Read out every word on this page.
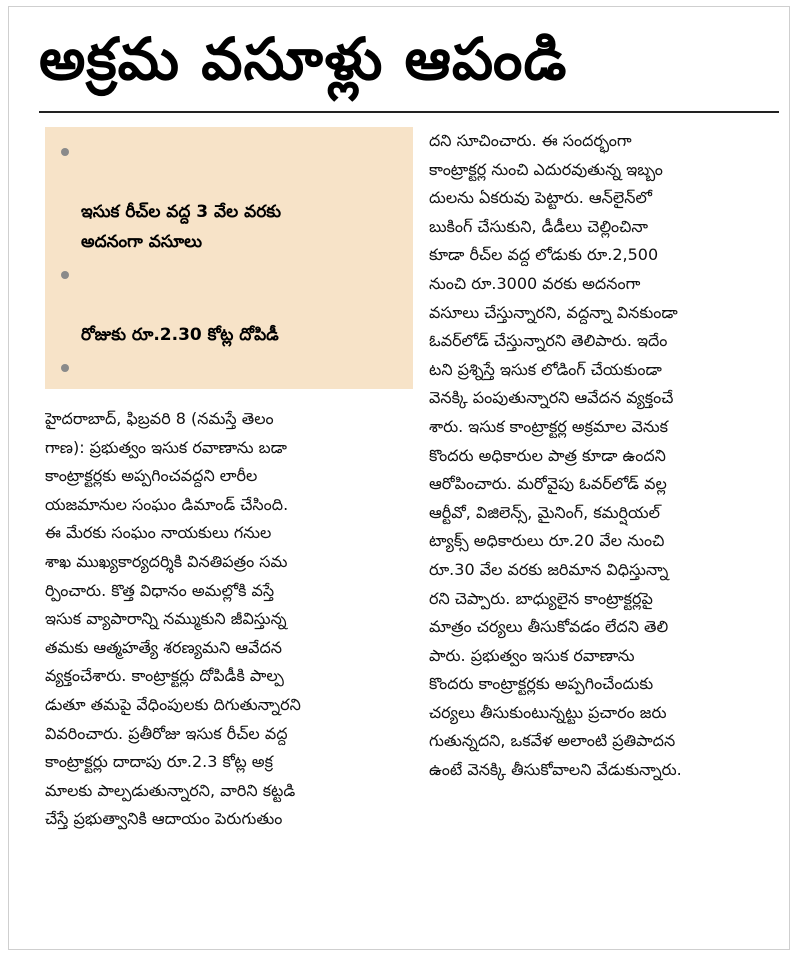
అక్రమ వసూళ్లు ఆపండి

ఇసుక రీచ్‌ల వద్ద 3 వేల వరకు
అదనంగా వసూలు

రోజుకు రూ.2.30 కోట్ల దోపిడీ

హైదరాబాద్, ఫిబ్రవరి 8 (నమస్తే తెలం
గాణ): ప్రభుత్వం ఇసుక రవాణాను బడా
కాంట్రాక్టర్లకు అప్పగించవద్దని లారీల
యజమానుల సంఘం డిమాండ్ చేసింది.
ఈ మేరకు సంఘం నాయకులు గనుల
శాఖ ముఖ్యకార్యదర్శికి వినతిపత్రం సమ
ర్పించారు. కొత్త విధానం అమల్లోకి వస్తే
ఇసుక వ్యాపారాన్ని నమ్ముకుని జీవిస్తున్న
తమకు ఆత్మహత్యే శరణ్యమని ఆవేదన
వ్యక్తంచేశారు. కాంట్రాక్టర్లు దోపిడీకి పాల్ప
డుతూ తమపై వేధింపులకు దిగుతున్నారని
వివరించారు. ప్రతీరోజు ఇసుక రీచ్‌ల వద్ద
కాంట్రాక్టర్లు దాదాపు రూ.2.3 కోట్ల అక్ర
మాలకు పాల్పడుతున్నారని, వారిని కట్టడి
చేస్తే ప్రభుత్వానికి ఆదాయం పెరుగుతుం

దని సూచించారు. ఈ సందర్భంగా
కాంట్రాక్టర్ల నుంచి ఎదురవుతున్న ఇబ్బం
దులను ఏకరువు పెట్టారు. ఆన్‌లైన్‌లో
బుకింగ్ చేసుకుని, డీడీలు చెల్లించినా
కూడా రీచ్‌ల వద్ద లోడుకు రూ.2,500
నుంచి రూ.3000 వరకు అదనంగా
వసూలు చేస్తున్నారని, వద్దన్నా వినకుండా
ఓవర్‌లోడ్ చేస్తున్నారని తెలిపారు. ఇదేం
టని ప్రశ్నిస్తే ఇసుక లోడింగ్ చేయకుండా
వెనక్కి పంపుతున్నారని ఆవేదన వ్యక్తంచే
శారు. ఇసుక కాంట్రాక్టర్ల అక్రమాల వెనుక
కొందరు అధికారుల పాత్ర కూడా ఉందని
ఆరోపించారు. మరోవైపు ఓవర్‌లోడ్ వల్ల
ఆర్టీవో, విజిలెన్స్, మైనింగ్, కమర్షియల్
ట్యాక్స్ అధికారులు రూ.20 వేల నుంచి
రూ.30 వేల వరకు జరిమాన విధిస్తున్నా
రని చెప్పారు. బాధ్యులైన కాంట్రాక్టర్లపై
మాత్రం చర్యలు తీసుకోవడం లేదని తెలి
పారు. ప్రభుత్వం ఇసుక రవాణాను
కొందరు కాంట్రాక్టర్లకు అప్పగించేందుకు
చర్యలు తీసుకుంటున్నట్టు ప్రచారం జరు
గుతున్నదని, ఒకవేళ అలాంటి ప్రతిపాదన
ఉంటే వెనక్కి తీసుకోవాలని వేడుకున్నారు.
